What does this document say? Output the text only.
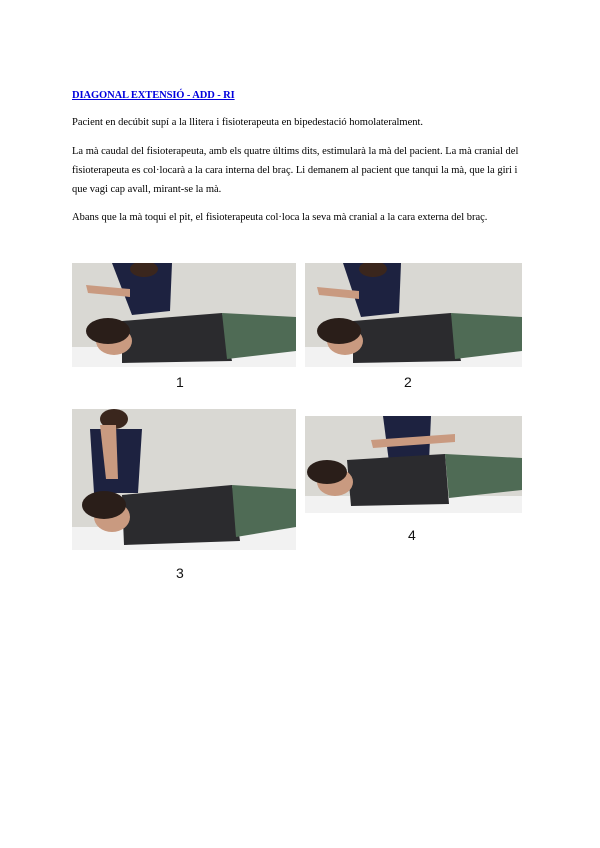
DIAGONAL EXTENSIÓ - ADD - RI

Pacient en decúbit supí a la llitera i fisioterapeuta en bipedestació homolateralment.

La mà caudal del fisioterapeuta, amb els quatre últims dits, estimularà la mà del pacient. La mà cranial del fisioterapeuta es col·locarà a la cara interna del braç. Li demanem al pacient que tanqui la mà, que la giri i que vagi cap avall, mirant-se la mà.

Abans que la mà toqui el pit, el fisioterapeuta col·loca la seva mà cranial a la cara externa del braç.

1	2
3
4
